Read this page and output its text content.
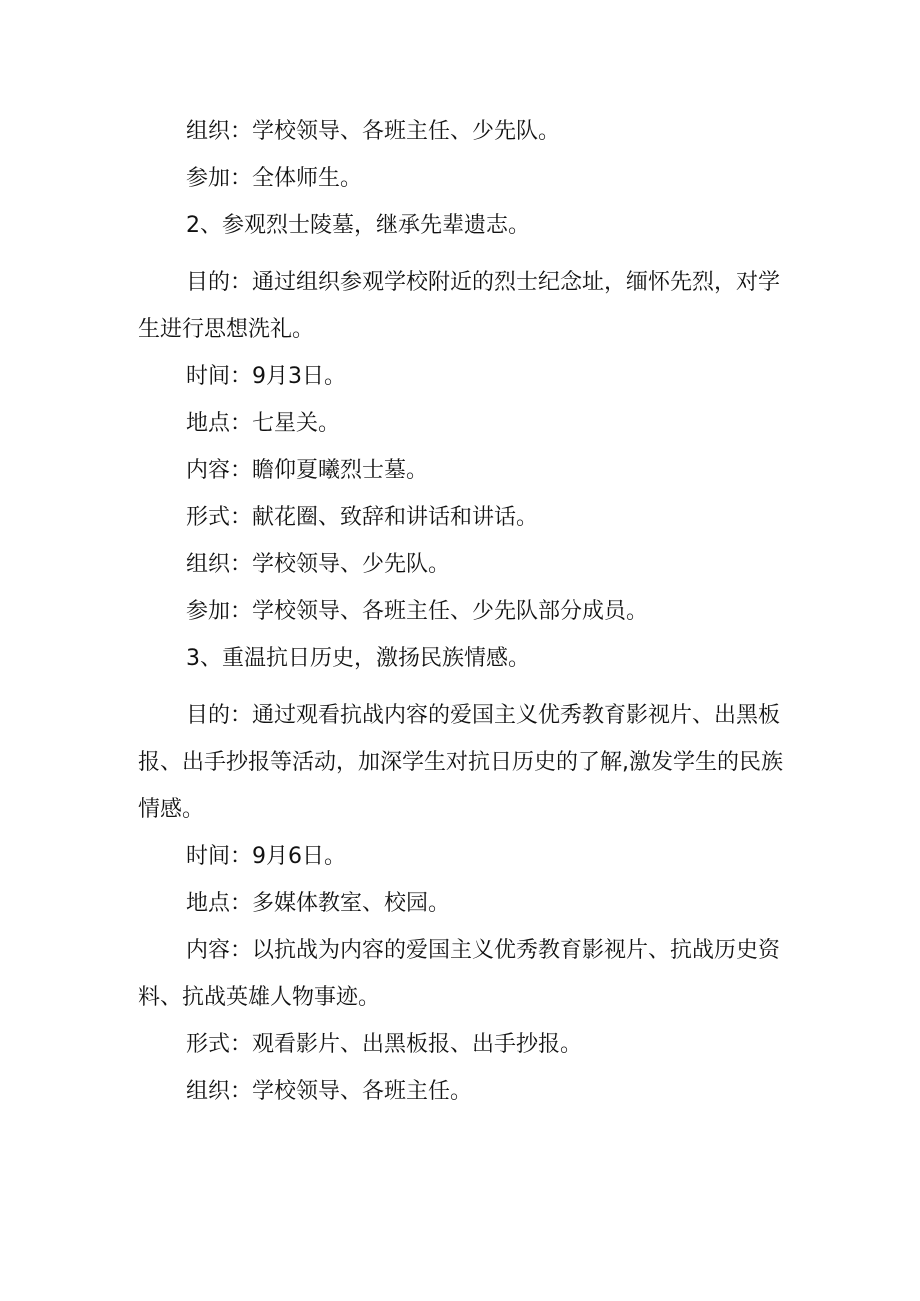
组织：学校领导、各班主任、少先队。

参加：全体师生。

2、参观烈士陵墓，继承先辈遗志。

目的：通过组织参观学校附近的烈士纪念址，缅怀先烈，对学生进行思想洗礼。

时间：9月3日。

地点：七星关。

内容：瞻仰夏曦烈士墓。

形式：献花圈、致辞和讲话和讲话。

组织：学校领导、少先队。

参加：学校领导、各班主任、少先队部分成员。

3、重温抗日历史，激扬民族情感。

目的：通过观看抗战内容的爱国主义优秀教育影视片、出黑板报、出手抄报等活动，加深学生对抗日历史的了解,激发学生的民族情感。

时间：9月6日。

地点：多媒体教室、校园。

内容：以抗战为内容的爱国主义优秀教育影视片、抗战历史资料、抗战英雄人物事迹。

形式：观看影片、出黑板报、出手抄报。

组织：学校领导、各班主任。
